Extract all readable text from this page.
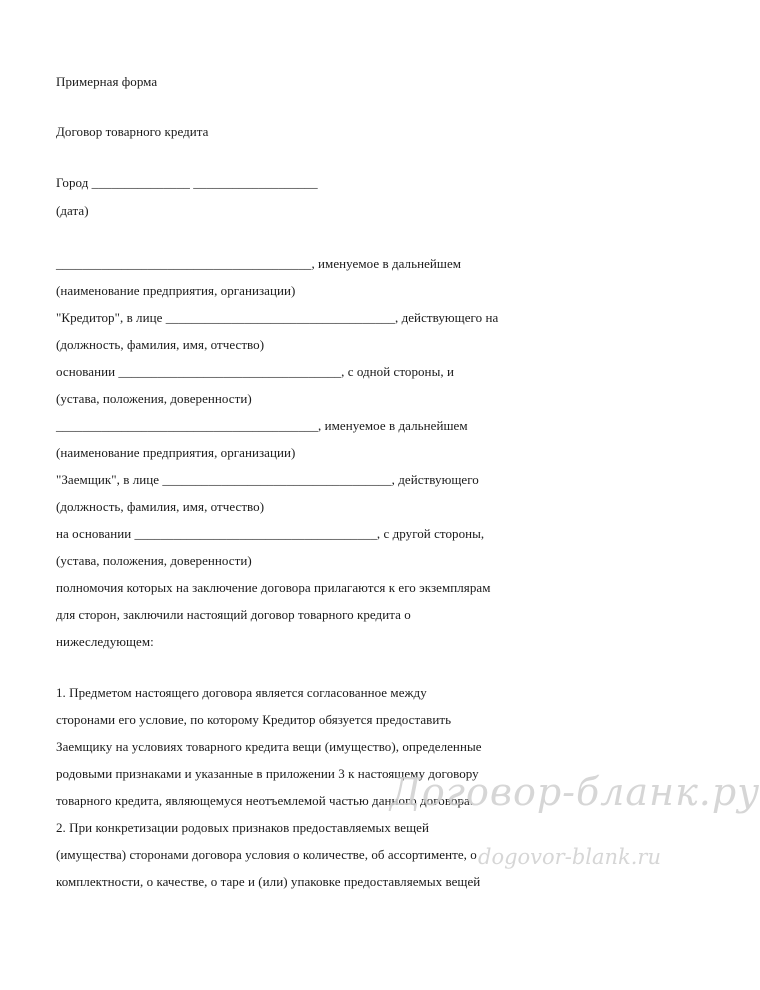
Примерная форма
Договор товарного кредита
Город _______________ ___________________
(дата)
_______________________________________, именуемое в дальнейшем
(наименование предприятия, организации)
"Кредитор", в лице ___________________________________, действующего на
(должность, фамилия, имя, отчество)
основании __________________________________, с одной стороны, и
(устава, положения, доверенности)
________________________________________, именуемое в дальнейшем
(наименование предприятия, организации)
"Заемщик", в лице ___________________________________, действующего
(должность, фамилия, имя, отчество)
на основании _____________________________________, с другой стороны,
(устава, положения, доверенности)
полномочия которых на заключение договора прилагаются к его экземплярам
для сторон, заключили настоящий договор товарного кредита о
нижеследующем:
1. Предметом настоящего договора является согласованное между
сторонами его условие, по которому Кредитор обязуется предоставить
Заемщику на условиях товарного кредита вещи (имущество), определенные
родовыми признаками и указанные в приложении 3 к настоящему договору
товарного кредита, являющемуся неотъемлемой частью данного договора.
2. При конкретизации родовых признаков предоставляемых вещей
(имущества) сторонами договора условия о количестве, об ассортименте, о
комплектности, о качестве, о таре и (или) упаковке предоставляемых вещей
Договор-бланк.ру
dogovor-blank.ru
